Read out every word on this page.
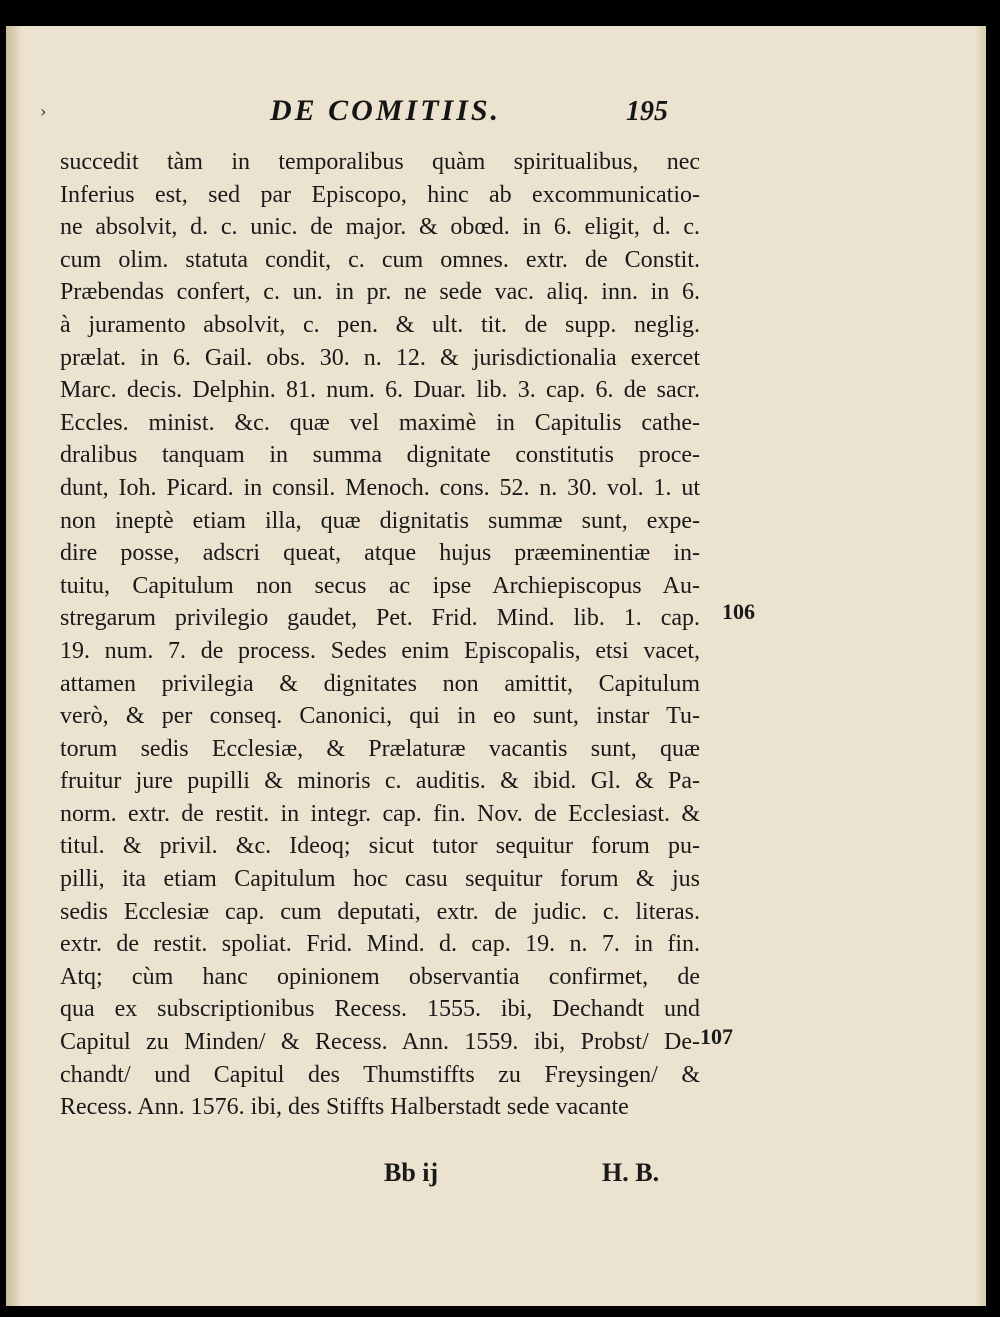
›	DE COMITIIS.	195
succedit tàm in temporalibus quàm spiritualibus, nec
Inferius est, sed par Episcopo, hinc ab excommunicatio-
ne absolvit, d. c. unic. de major. & obœd. in 6. eligit, d. c.
cum olim. statuta condit, c. cum omnes. extr. de Constit.
Præbendas confert, c. un. in pr. ne sede vac. aliq. inn. in 6.
à juramento absolvit, c. pen. & ult. tit. de supp. neglig.
prælat. in 6. Gail. obs. 30. n. 12. & jurisdictionalia exercet
Marc. decis. Delphin. 81. num. 6. Duar. lib. 3. cap. 6. de sacr.
Eccles. minist. &c. quæ vel maximè in Capitulis cathe-
dralibus tanquam in summa dignitate constitutis proce-
dunt, Ioh. Picard. in consil. Menoch. cons. 52. n. 30. vol. 1. ut
non ineptè etiam illa, quæ dignitatis summæ sunt, expe-
dire posse, adscri queat, atque hujus præeminentiæ in-
tuitu, Capitulum non secus ac ipse Archiepiscopus Au-
stregarum privilegio gaudet, Pet. Frid. Mind. lib. 1. cap.
19. num. 7. de process. Sedes enim Episcopalis, etsi vacet,
attamen privilegia & dignitates non amittit, Capitulum
verò, & per conseq. Canonici, qui in eo sunt, instar Tu-
torum sedis Ecclesiæ, & Prælaturæ vacantis sunt, quæ
fruitur jure pupilli & minoris c. auditis. & ibid. Gl. & Pa-
norm. extr. de restit. in integr. cap. fin. Nov. de Ecclesiast. &
titul. & privil. &c. Ideoq; sicut tutor sequitur forum pu-
pilli, ita etiam Capitulum hoc casu sequitur forum & jus
sedis Ecclesiæ cap. cum deputati, extr. de judic. c. literas.
extr. de restit. spoliat. Frid. Mind. d. cap. 19. n. 7. in fin.
Atq; cùm hanc opinionem observantia confirmet, de
qua ex subscriptionibus Recess. 1555. ibi, Dechandt und
Capitul zu Minden/ & Recess. Ann. 1559. ibi, Probst/ De-
chandt/ und Capitul des Thumstiffts zu Freysingen/ &
Recess. Ann. 1576. ibi, des Stiffts Halberstadt sede vacante
106
107
Bb ij	H. B.
